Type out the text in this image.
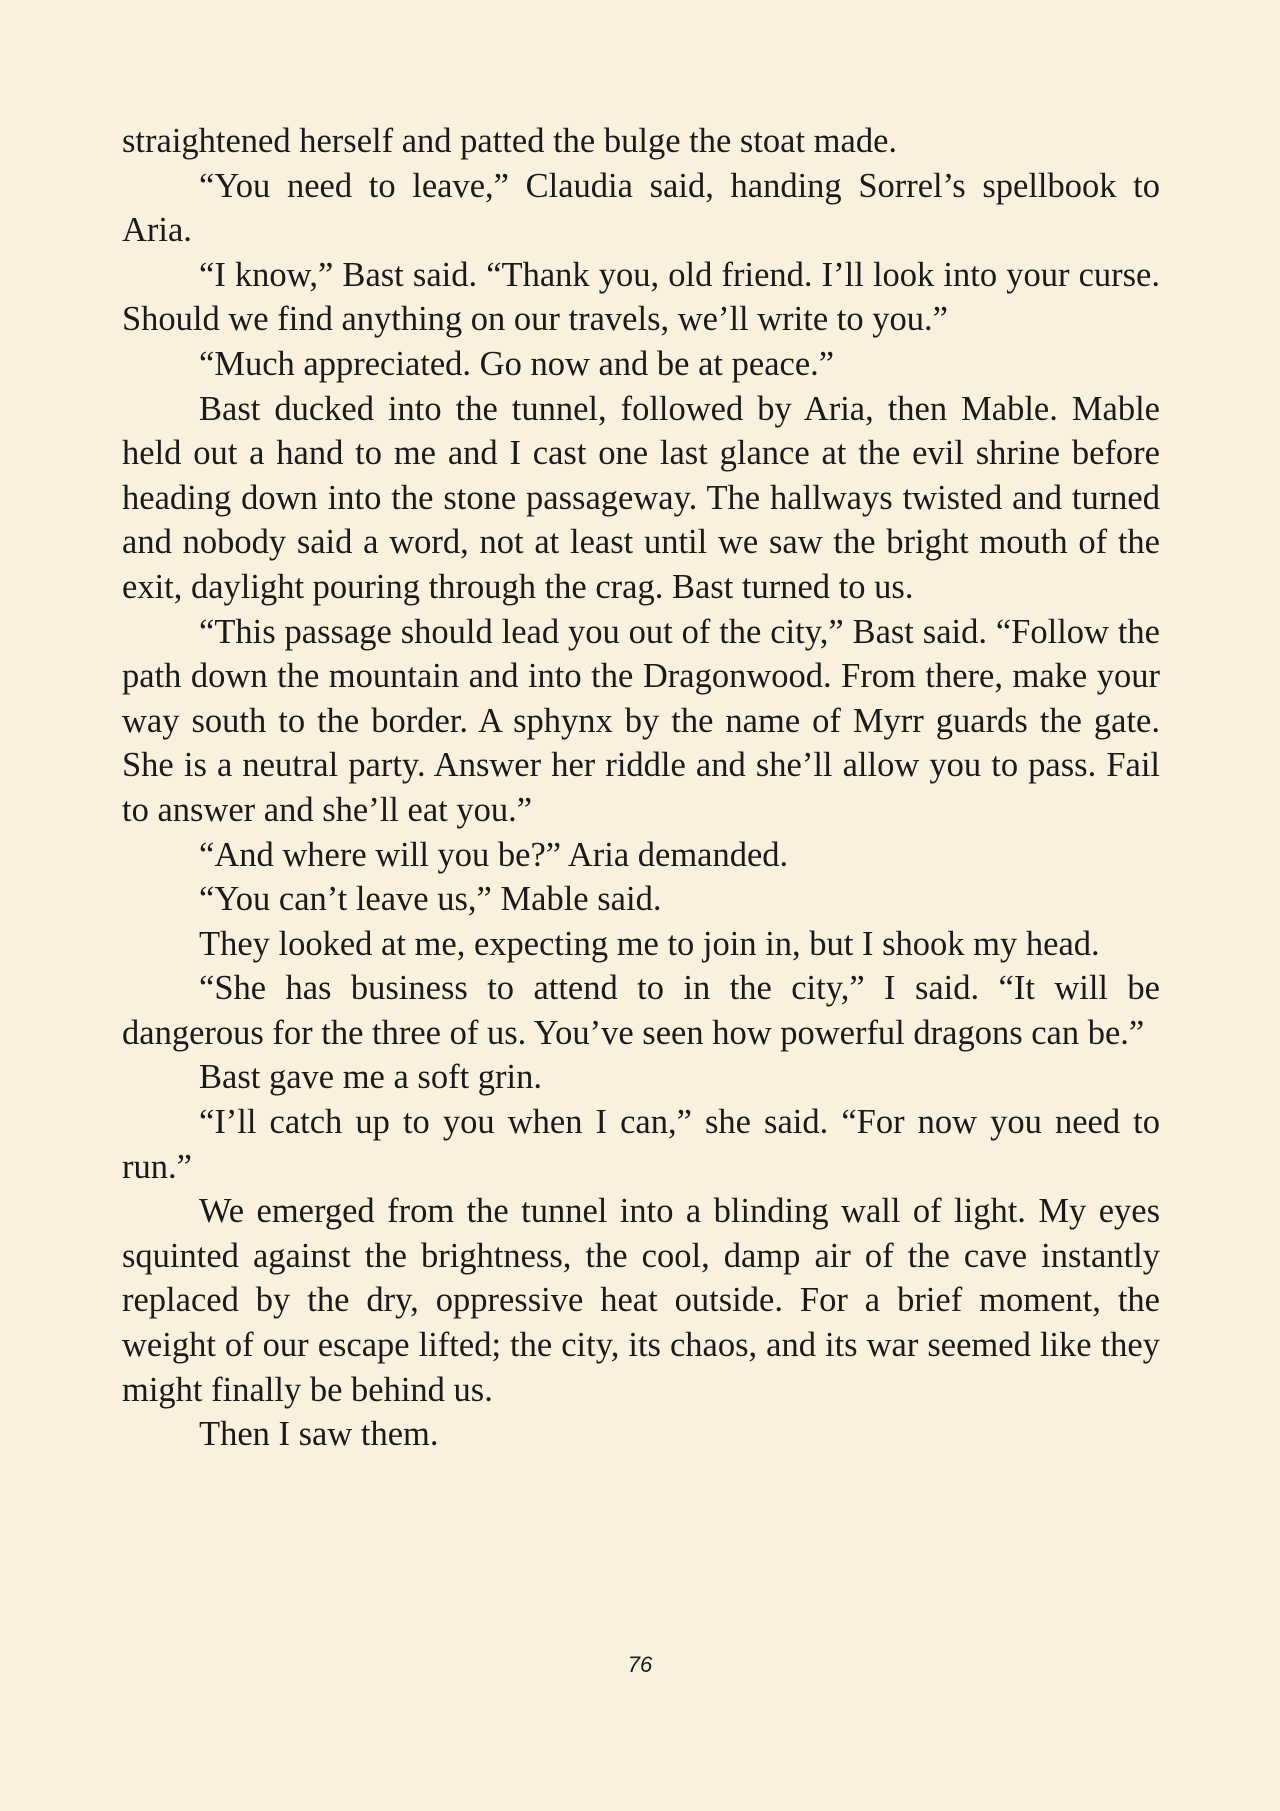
straightened herself and patted the bulge the stoat made.

“You need to leave,” Claudia said, handing Sorrel’s spellbook to Aria.

“I know,” Bast said. “Thank you, old friend. I’ll look into your curse. Should we find anything on our travels, we’ll write to you.”

“Much appreciated. Go now and be at peace.”

Bast ducked into the tunnel, followed by Aria, then Mable. Mable held out a hand to me and I cast one last glance at the evil shrine before heading down into the stone passageway. The hallways twisted and turned and nobody said a word, not at least until we saw the bright mouth of the exit, daylight pouring through the crag. Bast turned to us.

“This passage should lead you out of the city,” Bast said. “Follow the path down the mountain and into the Dragonwood. From there, make your way south to the border. A sphynx by the name of Myrr guards the gate. She is a neutral party. Answer her riddle and she’ll allow you to pass. Fail to answer and she’ll eat you.”

“And where will you be?” Aria demanded.

“You can’t leave us,” Mable said.

They looked at me, expecting me to join in, but I shook my head.

“She has business to attend to in the city,” I said. “It will be dangerous for the three of us. You’ve seen how powerful dragons can be.”

Bast gave me a soft grin.

“I’ll catch up to you when I can,” she said. “For now you need to run.”

We emerged from the tunnel into a blinding wall of light. My eyes squinted against the brightness, the cool, damp air of the cave instantly replaced by the dry, oppressive heat outside. For a brief moment, the weight of our escape lifted; the city, its chaos, and its war seemed like they might finally be behind us.

Then I saw them.

76
